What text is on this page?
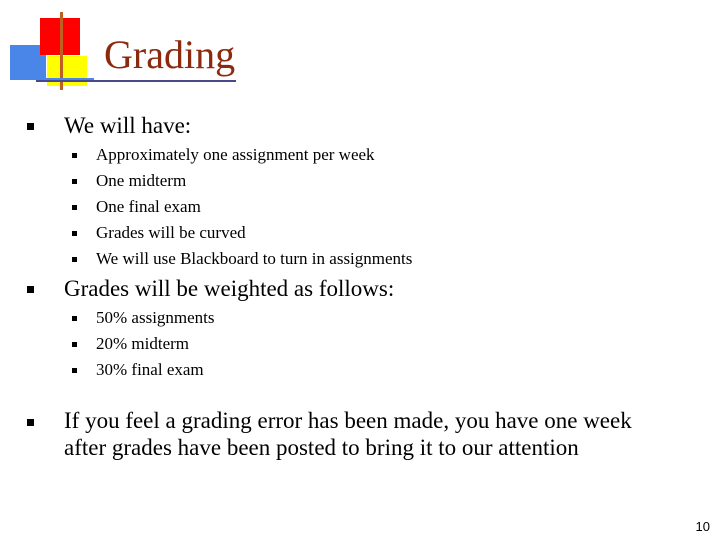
Grading
We will have:
Approximately one assignment per week
One midterm
One final exam
Grades will be curved
We will use Blackboard to turn in assignments
Grades will be weighted as follows:
50% assignments
20% midterm
30% final exam
If you feel a grading error has been made, you have one week
after grades have been posted to bring it to our attention
10
